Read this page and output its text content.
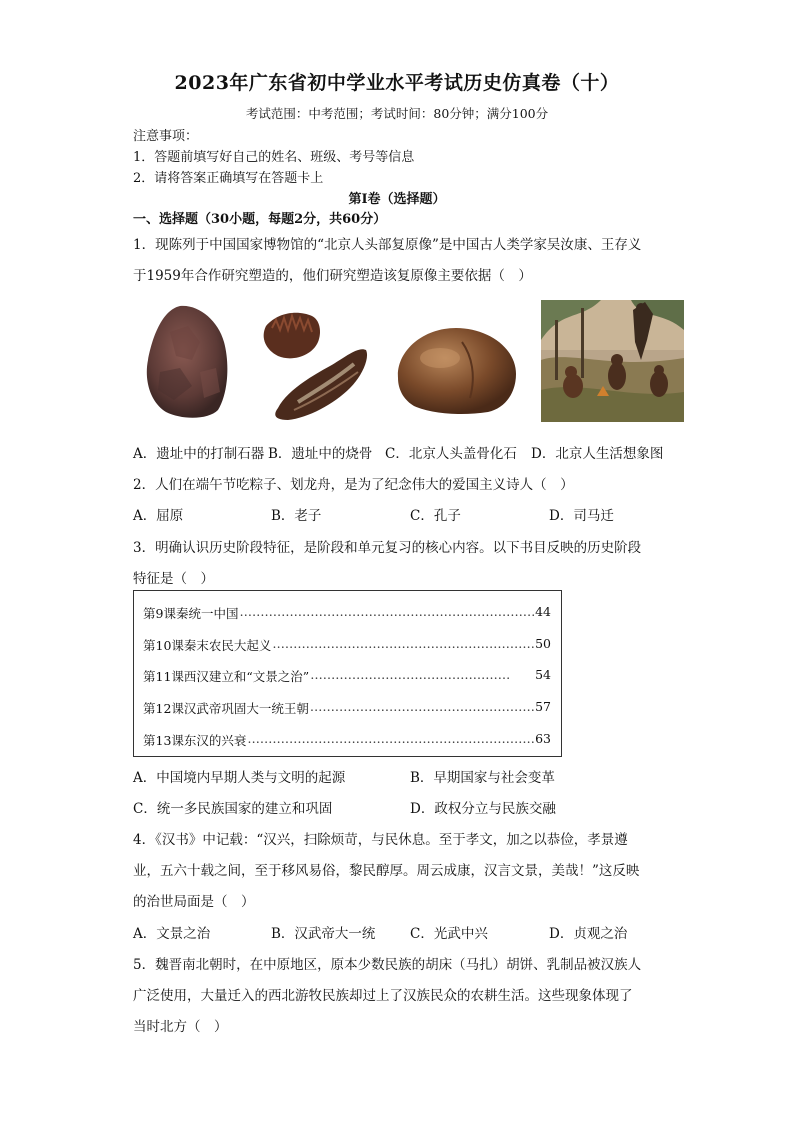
2023年广东省初中学业水平考试历史仿真卷（十）
考试范围：中考范围；考试时间：80分钟；满分100分
注意事项：
1．答题前填写好自己的姓名、班级、考号等信息
2．请将答案正确填写在答题卡上
第I卷（选择题）
一、选择题（30小题，每题2分，共60分）
1．现陈列于中国国家博物馆的“北京人头部复原像”是中国古人类学家吴汝康、王存义
于1959年合作研究塑造的，他们研究塑造该复原像主要依据（　）
A．遗址中的打制石器 B．遗址中的烧骨 C．北京人头盖骨化石 D．北京人生活想象图
2．人们在端午节吃粽子、划龙舟，是为了纪念伟大的爱国主义诗人（　）
A．屈原	B．老子	C．孔子	D．司马迁
3．明确认识历史阶段特征，是阶段和单元复习的核心内容。以下书目反映的历史阶段
特征是（　）
第9课秦统一中国 ……………………………………………………………………………………………………	44
第10课秦末农民大起义 ……………………………………………………………………………………………………	50
第11课西汉建立和“文景之治” ……………………………………………………………………………………………………	54
第12课汉武帝巩固大一统王朝 ……………………………………………………………………………………………………	57
第13课东汉的兴衰 ……………………………………………………………………………………………………	63
A．中国境内早期人类与文明的起源	B．早期国家与社会变革
C．统一多民族国家的建立和巩固	D．政权分立与民族交融
4．《汉书》中记载：“汉兴，扫除烦苛，与民休息。至于孝文，加之以恭俭，孝景遵
业，五六十载之间，至于移风易俗，黎民醇厚。周云成康，汉言文景，美哉！”这反映
的治世局面是（　）
A．文景之治	B．汉武帝大一统	C．光武中兴	D．贞观之治
5．魏晋南北朝时，在中原地区，原本少数民族的胡床（马扎）胡饼、乳制品被汉族人
广泛使用，大量迁入的西北游牧民族却过上了汉族民众的农耕生活。这些现象体现了
当时北方（　）
